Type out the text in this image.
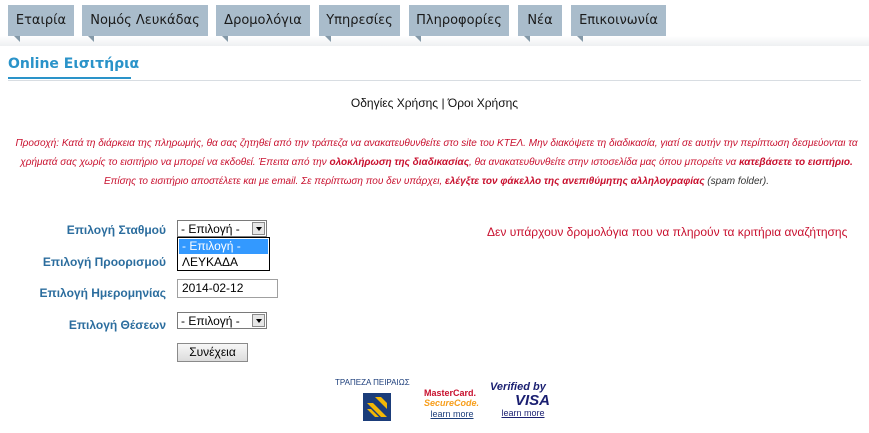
Εταιρία	Νομός Λευκάδας	Δρομολόγια	Υπηρεσίες	Πληροφορίες	Νέα	Επικοινωνία
Online Εισιτήρια
Οδηγίες Χρήσης | Όροι Χρήσης
Προσοχή: Κατά τη διάρκεια της πληρωμής, θα σας ζητηθεί από την τράπεζα να ανακατευθυνθείτε στο site του ΚΤΕΛ. Μην διακόψετε τη διαδικασία, γιατί σε αυτήν την περίπτωση δεσμεύονται τα χρήματά σας χωρίς το εισιτήριο να μπορεί να εκδοθεί. Έπειτα από την ολοκλήρωση της διαδικασίας, θα ανακατευθυνθείτε στην ιστοσελίδα μας όπου μπορείτε να κατεβάσετε το εισιτήριο. Επίσης το εισιτήριο αποστέλετε και με email. Σε περίπτωση που δεν υπάρχει, ελέγξτε τον φάκελλο της ανεπιθύμητης αλληλογραφίας (spam folder).
Επιλογή Σταθμού - Επιλογή -
- Επιλογή -
ΛΕΥΚΑΔΑ
Επιλογή Προορισμού
Επιλογή Ημερομηνίας	2014-02-12
Επιλογή Θέσεων - Επιλογή -
Συνέχεια
Δεν υπάρχουν δρομολόγια που να πληρούν τα κριτήρια αναζήτησης
ΤΡΑΠΕΖΑ ΠΕΙΡΑΙΩΣ
MasterCard.
SecureCode.
learn more
Verified by
VISA
learn more
